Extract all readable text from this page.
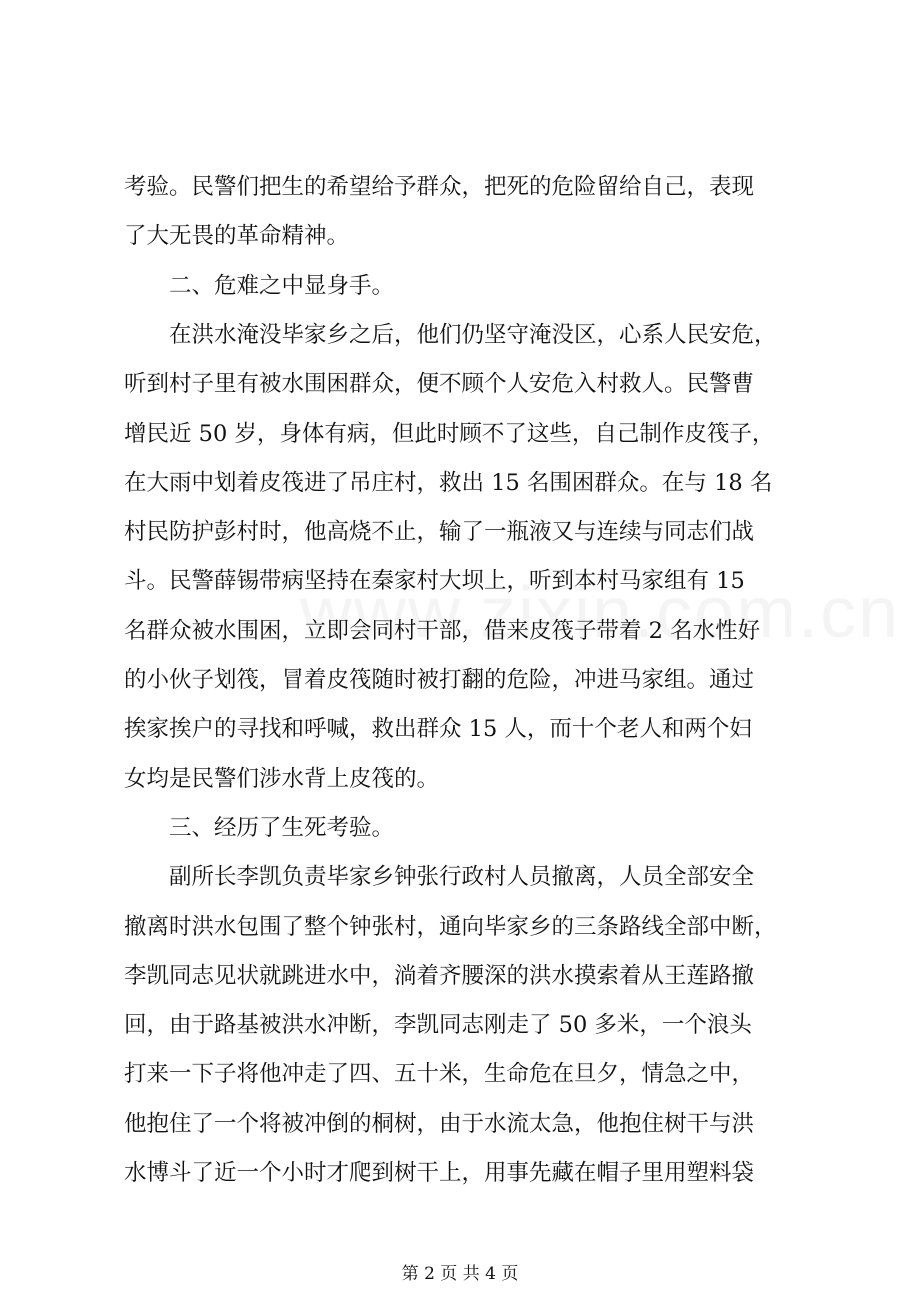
考验。民警们把生的希望给予群众，把死的危险留给自己，表现
了大无畏的革命精神。
　　二、危难之中显身手。
　　在洪水淹没毕家乡之后，他们仍坚守淹没区，心系人民安危，
听到村子里有被水围困群众，便不顾个人安危入村救人。民警曹
增民近 50 岁，身体有病，但此时顾不了这些，自己制作皮筏子，
在大雨中划着皮筏进了吊庄村，救出 15 名围困群众。在与 18 名
村民防护彭村时，他高烧不止，输了一瓶液又与连续与同志们战
斗。民警薛锡带病坚持在秦家村大坝上，听到本村马家组有 15
名群众被水围困，立即会同村干部，借来皮筏子带着 2 名水性好
的小伙子划筏，冒着皮筏随时被打翻的危险，冲进马家组。通过
挨家挨户的寻找和呼喊，救出群众 15 人，而十个老人和两个妇
女均是民警们涉水背上皮筏的。
　　三、经历了生死考验。
　　副所长李凯负责毕家乡钟张行政村人员撤离，人员全部安全
撤离时洪水包围了整个钟张村，通向毕家乡的三条路线全部中断，
李凯同志见状就跳进水中，淌着齐腰深的洪水摸索着从王莲路撤
回，由于路基被洪水冲断，李凯同志刚走了 50 多米，一个浪头
打来一下子将他冲走了四、五十米，生命危在旦夕，情急之中，
他抱住了一个将被冲倒的桐树，由于水流太急，他抱住树干与洪
水博斗了近一个小时才爬到树干上，用事先藏在帽子里用塑料袋
第 2 页 共 4 页
